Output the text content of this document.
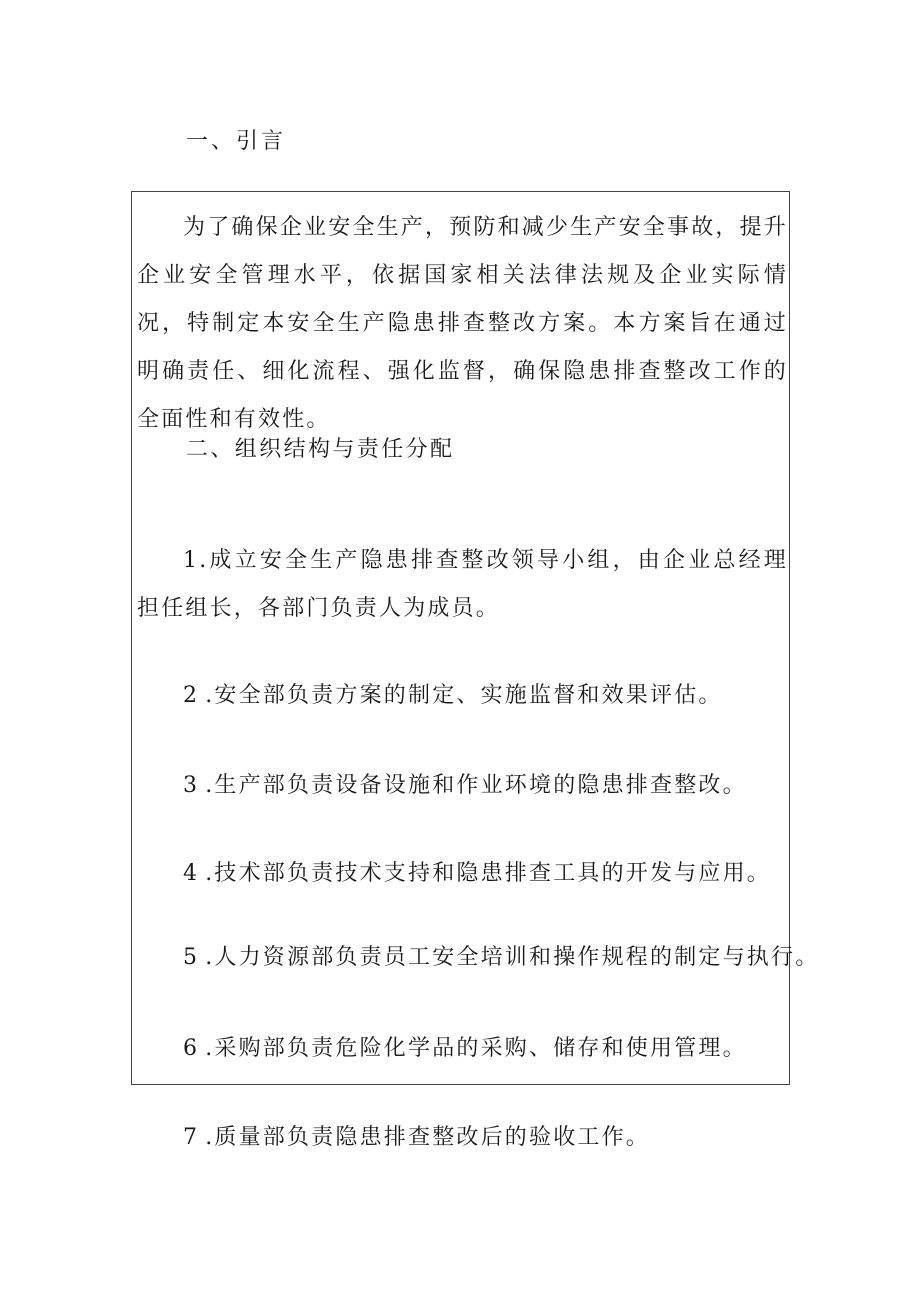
一、引言

为了确保企业安全生产，预防和减少生产安全事故，提升企业安全管理水平，依据国家相关法律法规及企业实际情况，特制定本安全生产隐患排查整改方案。本方案旨在通过明确责任、细化流程、强化监督，确保隐患排查整改工作的全面性和有效性。

二、组织结构与责任分配

1.成立安全生产隐患排查整改领导小组，由企业总经理担任组长，各部门负责人为成员。

2 .安全部负责方案的制定、实施监督和效果评估。
3 .生产部负责设备设施和作业环境的隐患排查整改。
4 .技术部负责技术支持和隐患排查工具的开发与应用。
5 .人力资源部负责员工安全培训和操作规程的制定与执行。
6 .采购部负责危险化学品的采购、储存和使用管理。
7 .质量部负责隐患排查整改后的验收工作。
